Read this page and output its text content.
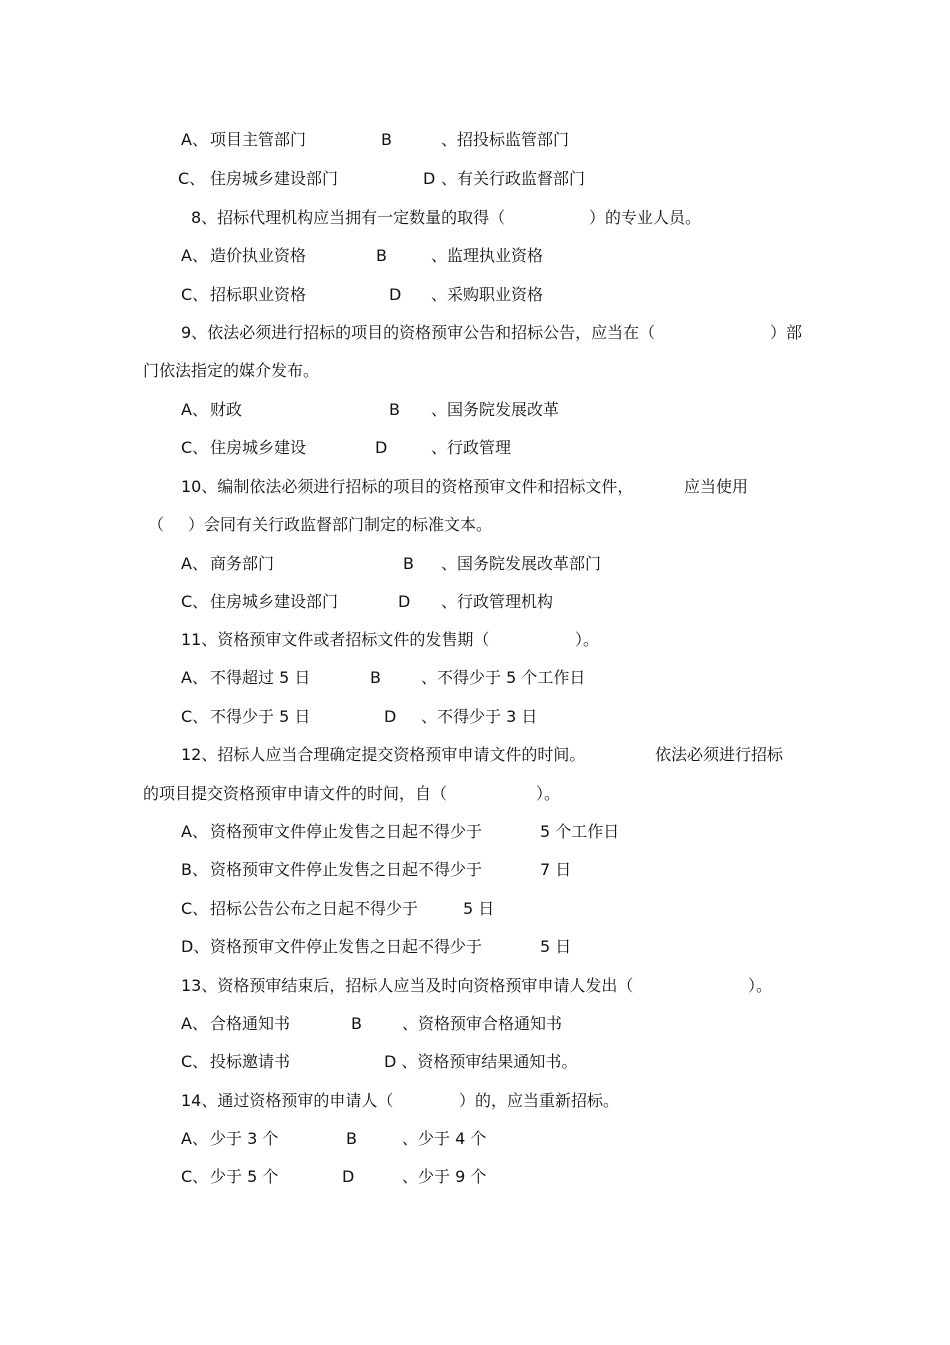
A、 项目主管部门	B	、招投标监管部门
C、 住房城乡建设部门	D 、有关行政监督部门
8、招标代理机构应当拥有一定数量的取得（	）的专业人员。
A、 造价执业资格	B	、监理执业资格
C、 招标职业资格	D 、采购职业资格
9、依法必须进行招标的项目的资格预审公告和招标公告，应当在（	）部
门依法指定的媒介发布。
A、 财政	B 、国务院发展改革
C、 住房城乡建设	D	、行政管理
10、编制依法必须进行招标的项目的资格预审文件和招标文件，	应当使用
（ ）会同有关行政监督部门制定的标准文本。
A、 商务部门	B 、国务院发展改革部门
C、 住房城乡建设部门	D 、行政管理机构
11、资格预审文件或者招标文件的发售期（	）。
A、 不得超过 5 日	B	、不得少于 5 个工作日
C、 不得少于 5 日	D 、不得少于 3 日
12、招标人应当合理确定提交资格预审申请文件的时间。	依法必须进行招标
的项目提交资格预审申请文件的时间，自（	）。
A、 资格预审文件停止发售之日起不得少于	5 个工作日
B、 资格预审文件停止发售之日起不得少于	7 日
C、 招标公告公布之日起不得少于	5 日
D、 资格预审文件停止发售之日起不得少于	5 日
13、资格预审结束后，招标人应当及时向资格预审申请人发出（	）。
A、 合格通知书	B	、资格预审合格通知书
C、 投标邀请书	D 、资格预审结果通知书。
14、通过资格预审的申请人（	）的，应当重新招标。
A、 少于 3 个	B	、少于 4 个
C、 少于 5 个	D	、少于 9 个
